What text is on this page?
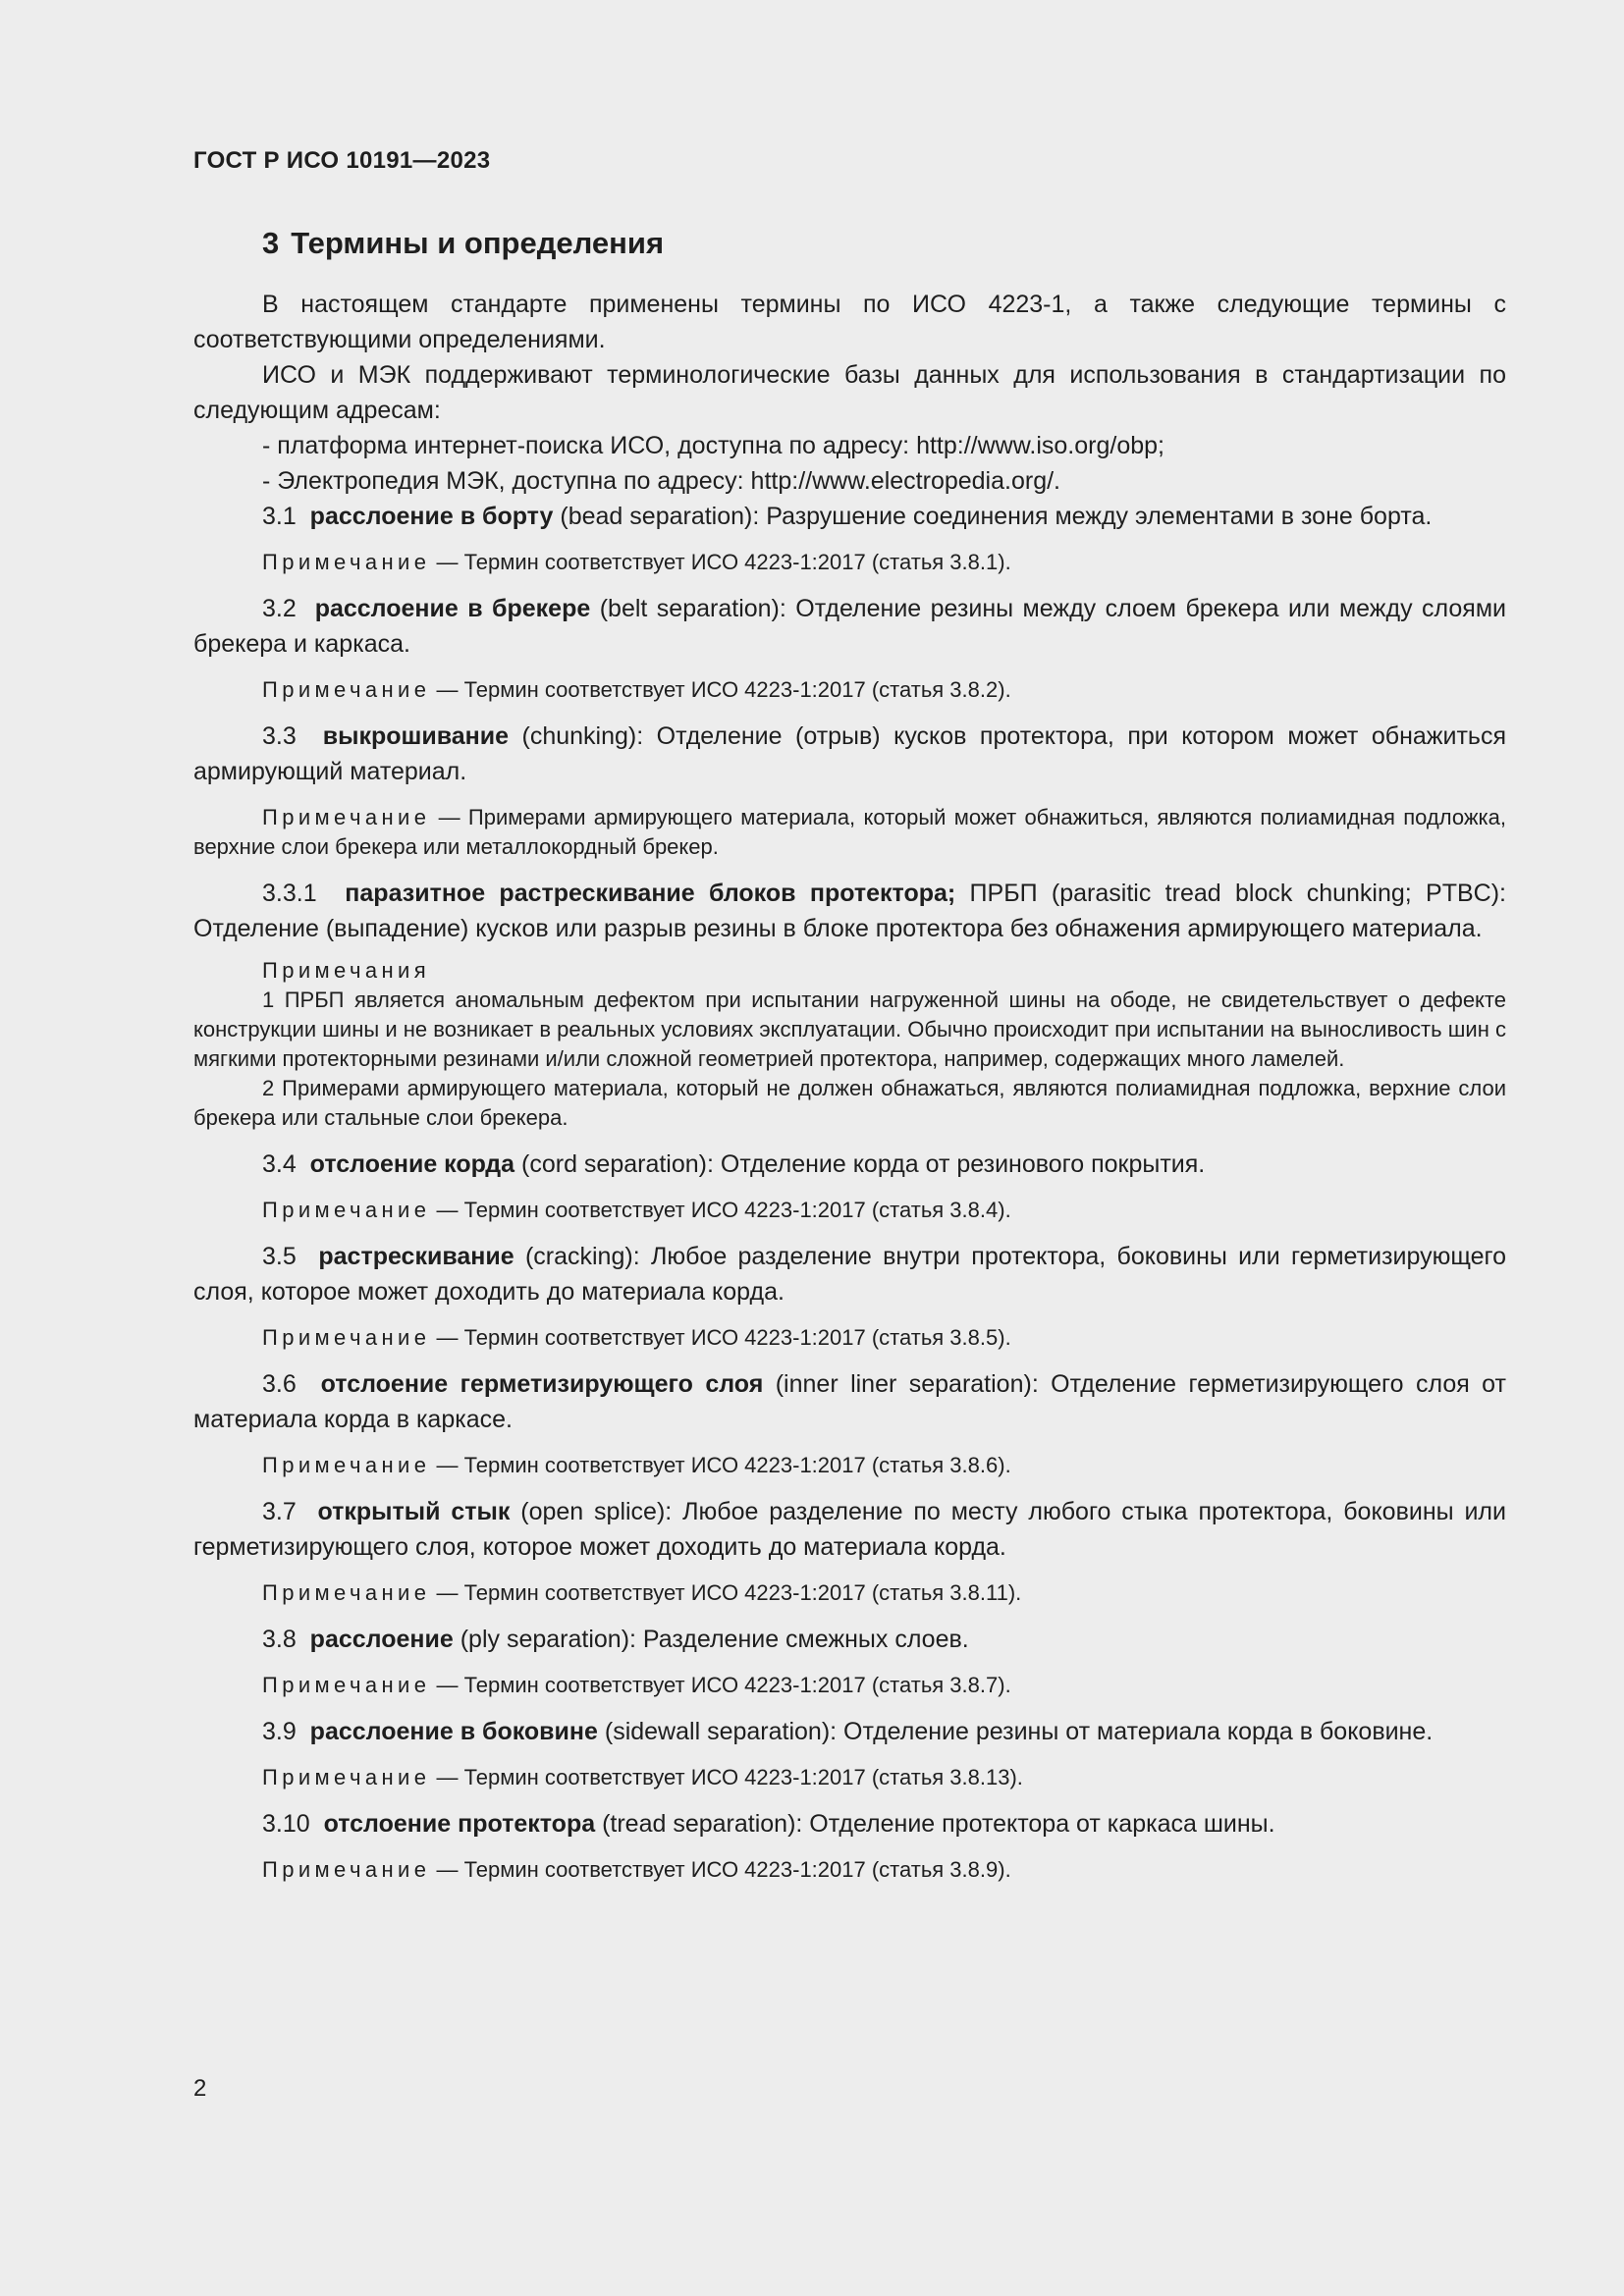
ГОСТ Р ИСО 10191—2023
3 Термины и определения

В настоящем стандарте применены термины по ИСО 4223-1, а также следующие термины с соответствующими определениями.

ИСО и МЭК поддерживают терминологические базы данных для использования в стандартизации по следующим адресам:

- платформа интернет-поиска ИСО, доступна по адресу: http://www.iso.org/obp;

- Электропедия МЭК, доступна по адресу: http://www.electropedia.org/.

3.1 расслоение в борту (bead separation): Разрушение соединения между элементами в зоне борта.

Примечание — Термин соответствует ИСО 4223-1:2017 (статья 3.8.1).

3.2 расслоение в брекере (belt separation): Отделение резины между слоем брекера или между слоями брекера и каркаса.

Примечание — Термин соответствует ИСО 4223-1:2017 (статья 3.8.2).

3.3 выкрошивание (chunking): Отделение (отрыв) кусков протектора, при котором может обнажиться армирующий материал.

Примечание — Примерами армирующего материала, который может обнажиться, являются полиамидная подложка, верхние слои брекера или металлокордный брекер.

3.3.1 паразитное растрескивание блоков протектора; ПРБП (parasitic tread block chunking; PTBC): Отделение (выпадение) кусков или разрыв резины в блоке протектора без обнажения армирующего материала.

Примечания

1 ПРБП является аномальным дефектом при испытании нагруженной шины на ободе, не свидетельствует о дефекте конструкции шины и не возникает в реальных условиях эксплуатации. Обычно происходит при испытании на выносливость шин с мягкими протекторными резинами и/или сложной геометрией протектора, например, содержащих много ламелей.

2 Примерами армирующего материала, который не должен обнажаться, являются полиамидная подложка, верхние слои брекера или стальные слои брекера.

3.4 отслоение корда (cord separation): Отделение корда от резинового покрытия.

Примечание — Термин соответствует ИСО 4223-1:2017 (статья 3.8.4).

3.5 растрескивание (cracking): Любое разделение внутри протектора, боковины или герметизирующего слоя, которое может доходить до материала корда.

Примечание — Термин соответствует ИСО 4223-1:2017 (статья 3.8.5).

3.6 отслоение герметизирующего слоя (inner liner separation): Отделение герметизирующего слоя от материала корда в каркасе.

Примечание — Термин соответствует ИСО 4223-1:2017 (статья 3.8.6).

3.7 открытый стык (open splice): Любое разделение по месту любого стыка протектора, боковины или герметизирующего слоя, которое может доходить до материала корда.

Примечание — Термин соответствует ИСО 4223-1:2017 (статья 3.8.11).

3.8 расслоение (ply separation): Разделение смежных слоев.

Примечание — Термин соответствует ИСО 4223-1:2017 (статья 3.8.7).

3.9 расслоение в боковине (sidewall separation): Отделение резины от материала корда в боковине.

Примечание — Термин соответствует ИСО 4223-1:2017 (статья 3.8.13).

3.10 отслоение протектора (tread separation): Отделение протектора от каркаса шины.

Примечание — Термин соответствует ИСО 4223-1:2017 (статья 3.8.9).

2
